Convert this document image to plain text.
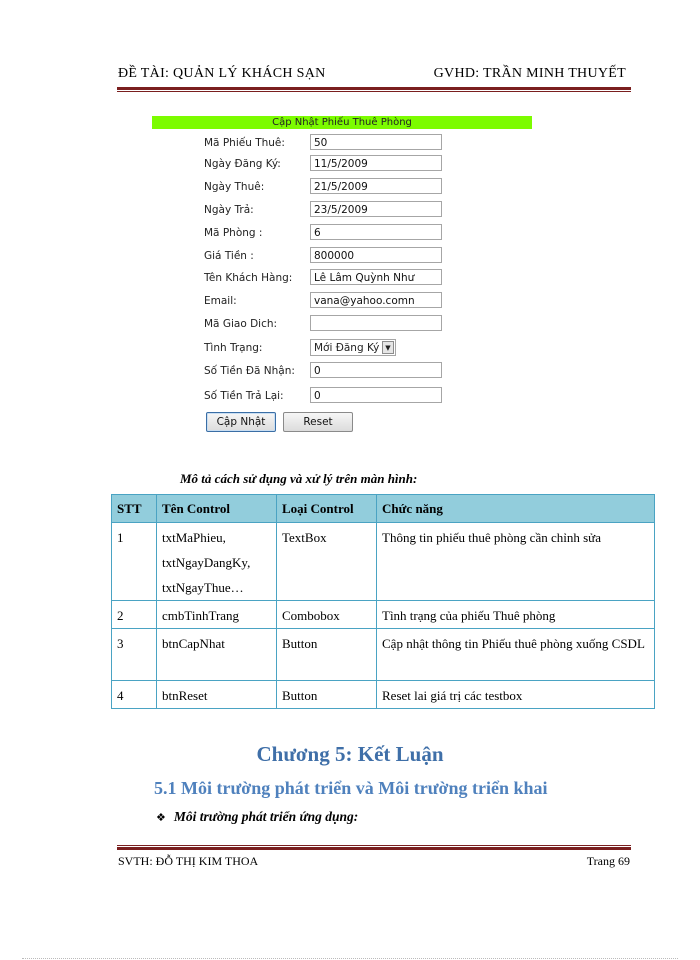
ĐỀ TÀI: QUẢN LÝ KHÁCH SẠN	GVHD: TRẦN MINH THUYẾT
Cập Nhật Phiếu Thuê Phòng
Mã Phiếu Thuê:	50
Ngày Đăng Ký:	11/5/2009
Ngày Thuê:	21/5/2009
Ngày Trả:	23/5/2009
Mã Phòng :	6
Giá Tiền :	800000
Tên Khách Hàng:	Lê Lâm Quỳnh Như
Email:	vana@yahoo.comn
Mã Giao Dich:
Tình Trạng:	Mới Đăng Ký ▼
Số Tiền Đã Nhận:	0
Số Tiền Trả Lại:	0
Cập Nhật	Reset
Mô tả cách sử dụng và xử lý trên màn hình:
STT	Tên Control	Loại Control	Chức năng
1	txtMaPhieu,
txtNgayDangKy,
txtNgayThue…	TextBox	Thông tin phiếu thuê phòng cần chỉnh sửa
2	cmbTinhTrang	Combobox	Tình trạng của phiếu Thuê phòng
3	btnCapNhat	Button	Cập nhật thông tin Phiếu thuê phòng xuống CSDL
4	btnReset	Button	Reset lai giá trị các testbox
Chương 5: Kết Luận
5.1 Môi trường phát triển và Môi trường triển khai
❖ Môi trường phát triển ứng dụng:
SVTH: ĐỖ THỊ KIM THOA	Trang 69
